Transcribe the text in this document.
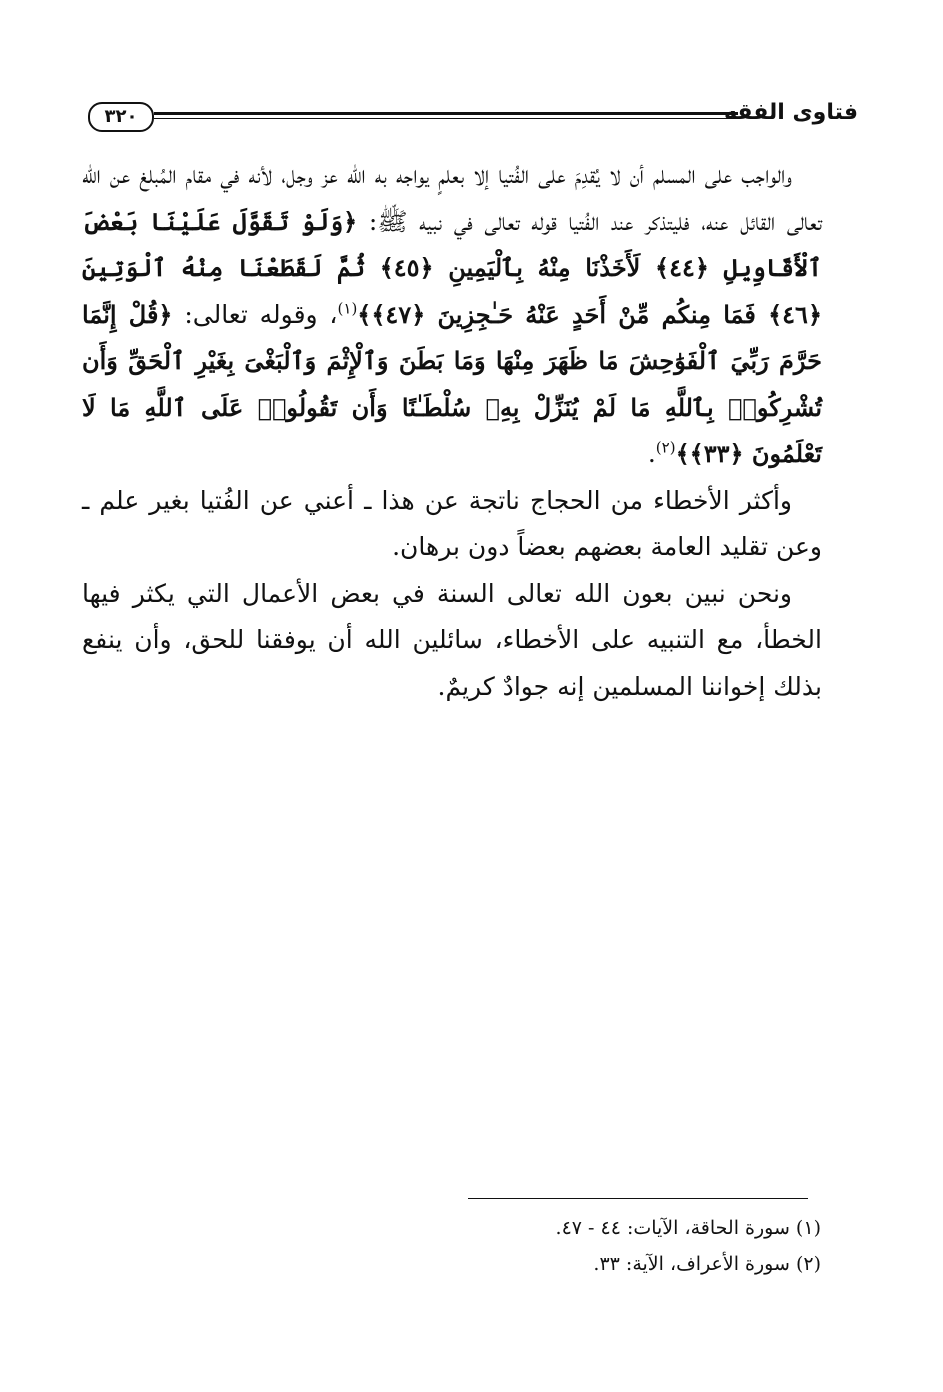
٣٢٠	فتاوى الفقه

والواجب على المسلم أن لا يُقدِمَ على الفُتيا إلا بعلمٍ يواجه به الله عز وجل، لأنه في مقام المُبلغ عن الله تعالى القائل عنه، فليتذكر عند الفُتيا قوله تعالى في نبيه ﷺ: ﴿وَلَوْ تَقَوَّلَ عَلَيْنَا بَعْضَ ٱلْأَقَاوِيلِ ﴿٤٤﴾ لَأَخَذْنَا مِنْهُ بِٱلْيَمِينِ ﴿٤٥﴾ ثُمَّ لَقَطَعْنَا مِنْهُ ٱلْوَتِينَ ﴿٤٦﴾ فَمَا مِنكُم مِّنْ أَحَدٍ عَنْهُ حَـٰجِزِينَ ﴿٤٧﴾﴾$^{(١)}$، وقوله تعالى: ﴿قُلْ إِنَّمَا حَرَّمَ رَبِّيَ ٱلْفَوَٰحِشَ مَا ظَهَرَ مِنْهَا وَمَا بَطَنَ وَٱلْإِثْمَ وَٱلْبَغْىَ بِغَيْرِ ٱلْحَقِّ وَأَن تُشْرِكُوا۟ بِٱللَّهِ مَا لَمْ يُنَزِّلْ بِهِۦ سُلْطَـٰنًا وَأَن تَقُولُوا۟ عَلَى ٱللَّهِ مَا لَا تَعْلَمُونَ ﴿٣٣﴾﴾$^{(٢)}$.

وأكثر الأخطاء من الحجاج ناتجة عن هذا ـ أعني عن الفُتيا بغير علم ـ وعن تقليد العامة بعضهم بعضاً دون برهان.

ونحن نبين بعون الله تعالى السنة في بعض الأعمال التي يكثر فيها الخطأ، مع التنبيه على الأخطاء، سائلين الله أن يوفقنا للحق، وأن ينفع بذلك إخواننا المسلمين إنه جوادٌ كريمٌ.

(١) سورة الحاقة، الآيات: ٤٤ - ٤٧.

(٢) سورة الأعراف، الآية: ٣٣.
